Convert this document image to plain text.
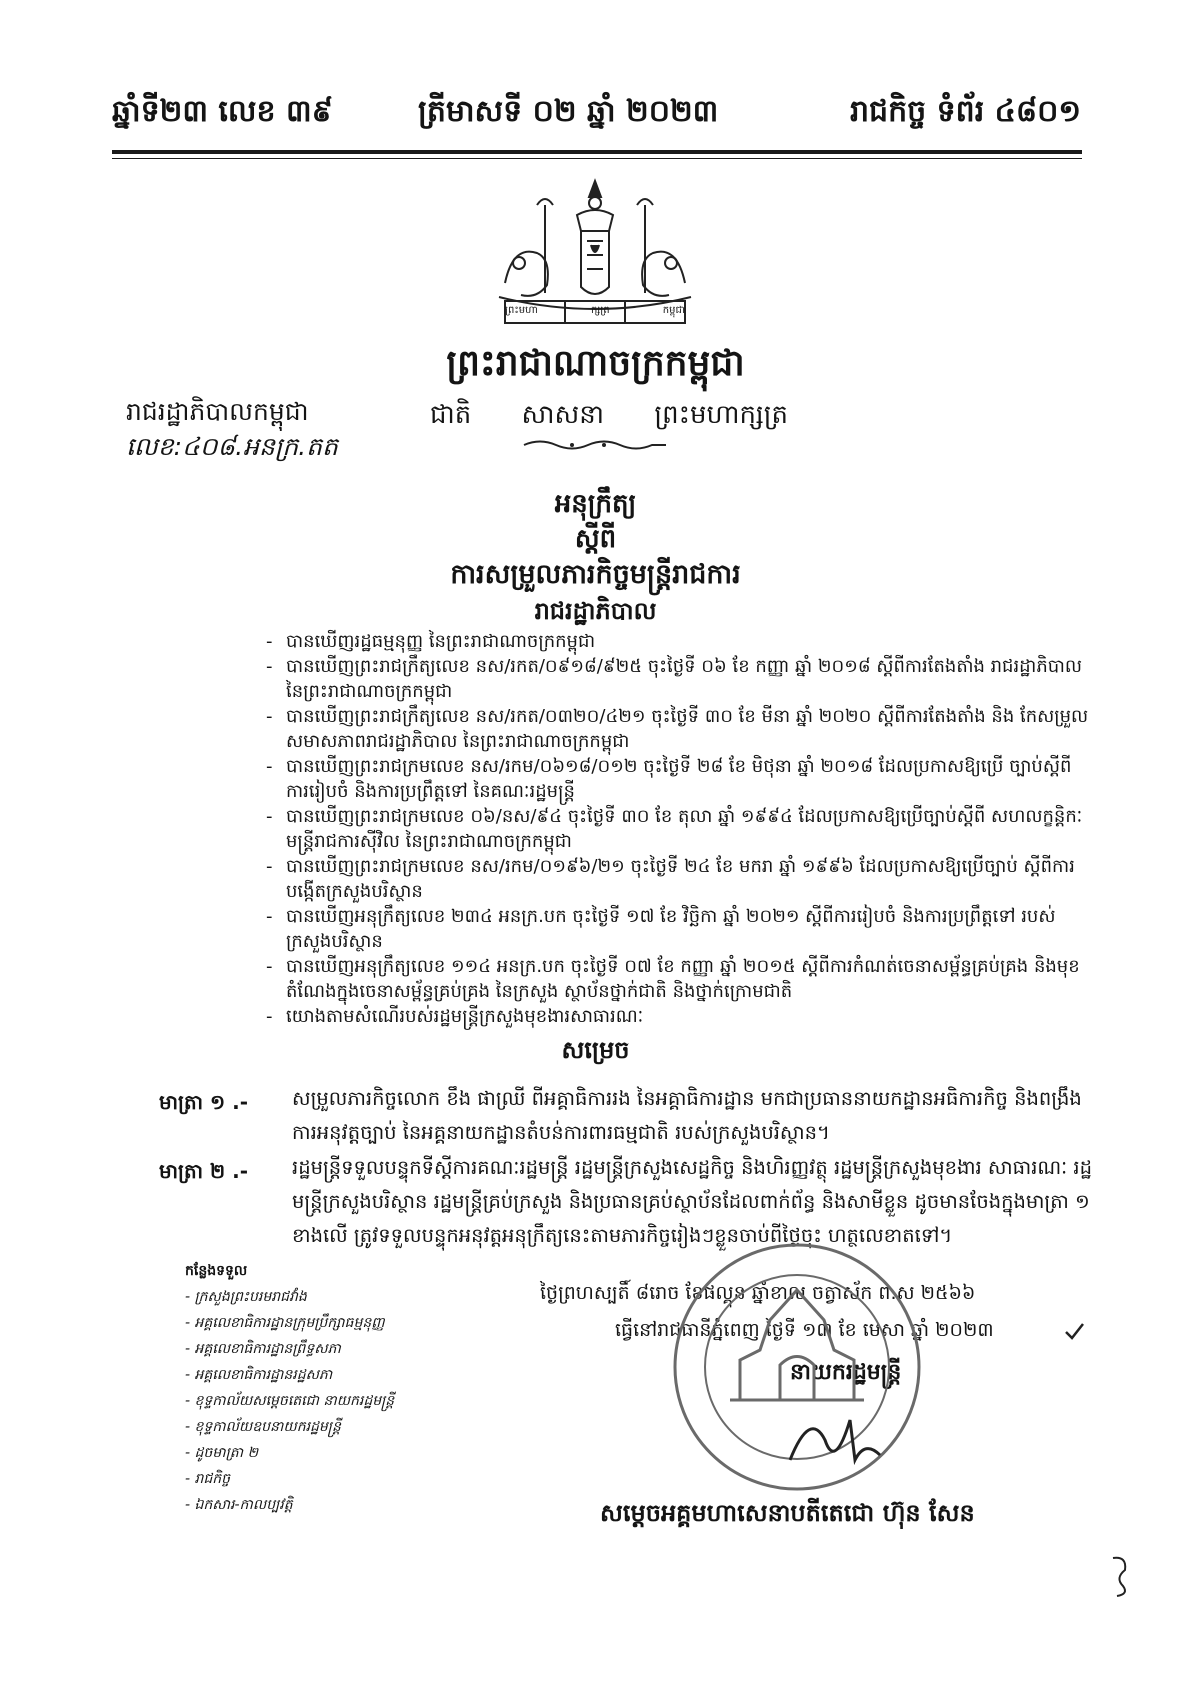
ឆ្នាំទី២៣ លេខ ៣៩	ត្រីមាសទី ០២ ឆ្នាំ ២០២៣	រាជកិច្ច ទំព័រ ៤៨០១
ព្រះមហា	ក្សត្រ	កម្ពុជា
ព្រះរាជាណាចក្រកម្ពុជា
ជាតិ សាសនា ព្រះមហាក្សត្រ
រាជរដ្ឋាភិបាលកម្ពុជា
លេខ:៤០៨.អនក្រ.តត
អនុក្រឹត្យ
ស្តីពី
ការសម្រួលភារកិច្ចមន្ត្រីរាជការ
រាជរដ្ឋាភិបាល
- បានឃើញរដ្ឋធម្មនុញ្ញ នៃព្រះរាជាណាចក្រកម្ពុជា
- បានឃើញព្រះរាជក្រឹត្យលេខ នស/រកត/០៩១៨/៩២៥ ចុះថ្ងៃទី ០៦ ខែ កញ្ញា ឆ្នាំ ២០១៨ ស្តីពីការតែងតាំង រាជរដ្ឋាភិបាល នៃព្រះរាជាណាចក្រកម្ពុជា
- បានឃើញព្រះរាជក្រឹត្យលេខ នស/រកត/០៣២០/៤២១ ចុះថ្ងៃទី ៣០ ខែ មីនា ឆ្នាំ ២០២០ ស្តីពីការតែងតាំង និង កែសម្រួលសមាសភាពរាជរដ្ឋាភិបាល នៃព្រះរាជាណាចក្រកម្ពុជា
- បានឃើញព្រះរាជក្រមលេខ នស/រកម/០៦១៨/០១២ ចុះថ្ងៃទី ២៨ ខែ មិថុនា ឆ្នាំ ២០១៨ ដែលប្រកាសឱ្យប្រើ ច្បាប់ស្តីពីការរៀបចំ និងការប្រព្រឹត្តទៅ នៃគណៈរដ្ឋមន្ត្រី
- បានឃើញព្រះរាជក្រមលេខ ០៦/នស/៩៤ ចុះថ្ងៃទី ៣០ ខែ តុលា ឆ្នាំ ១៩៩៤ ដែលប្រកាសឱ្យប្រើច្បាប់ស្តីពី សហលក្ខន្តិកៈមន្ត្រីរាជការស៊ីវិល នៃព្រះរាជាណាចក្រកម្ពុជា
- បានឃើញព្រះរាជក្រមលេខ នស/រកម/០១៩៦/២១ ចុះថ្ងៃទី ២៤ ខែ មករា ឆ្នាំ ១៩៩៦ ដែលប្រកាសឱ្យប្រើច្បាប់ ស្តីពីការបង្កើតក្រសួងបរិស្ថាន
- បានឃើញអនុក្រឹត្យលេខ ២៣៤ អនក្រ.បក ចុះថ្ងៃទី ១៧ ខែ វិច្ឆិកា ឆ្នាំ ២០២១ ស្តីពីការរៀបចំ និងការប្រព្រឹត្តទៅ របស់ក្រសួងបរិស្ថាន
- បានឃើញអនុក្រឹត្យលេខ ១១៤ អនក្រ.បក ចុះថ្ងៃទី ០៧ ខែ កញ្ញា ឆ្នាំ ២០១៥ ស្តីពីការកំណត់ចេនាសម្ព័ន្ធគ្រប់គ្រង និងមុខតំណែងក្នុងចេនាសម្ព័ន្ធគ្រប់គ្រង នៃក្រសួង ស្ថាប័នថ្នាក់ជាតិ និងថ្នាក់ក្រោមជាតិ
- យោងតាមសំណើរបស់រដ្ឋមន្ត្រីក្រសួងមុខងារសាធារណៈ
សម្រេច
មាត្រា ១ .- សម្រួលភារកិច្ចលោក ខឹង ផាឈ្រី ពីអគ្គាធិការរង នៃអគ្គាធិការដ្ឋាន មកជាប្រធាននាយកដ្ឋានអធិការកិច្ច និងពង្រឹងការអនុវត្តច្បាប់ នៃអគ្គនាយកដ្ឋានតំបន់ការពារធម្មជាតិ របស់ក្រសួងបរិស្ថាន។
មាត្រា ២ .- រដ្ឋមន្ត្រីទទួលបន្ទុកទីស្តីការគណៈរដ្ឋមន្ត្រី រដ្ឋមន្ត្រីក្រសួងសេដ្ឋកិច្ច និងហិរញ្ញវត្ថុ រដ្ឋមន្ត្រីក្រសួងមុខងារ សាធារណៈ រដ្ឋមន្ត្រីក្រសួងបរិស្ថាន រដ្ឋមន្ត្រីគ្រប់ក្រសួង និងប្រធានគ្រប់ស្ថាប័នដែលពាក់ព័ន្ធ និងសាមីខ្លួន ដូចមានចែងក្នុងមាត្រា ១ ខាងលើ ត្រូវទទួលបន្ទុកអនុវត្តអនុក្រឹត្យនេះតាមភារកិច្ចរៀងៗខ្លួនចាប់ពីថ្ងៃចុះ ហត្ថលេខាតទៅ។
ថ្ងៃព្រហស្បតិ៍ ៨រោច ខែផល្គុន ឆ្នាំខាល ចត្វាស័ក ព.ស ២៥៦៦
ធ្វើនៅរាជធានីភ្នំពេញ ថ្ងៃទី ១៣ ខែ មេសា ឆ្នាំ ២០២៣
នាយករដ្ឋមន្ត្រី
សម្តេចអគ្គមហាសេនាបតីតេជោ ហ៊ុន សែន
កន្លែងទទួល
- ក្រសួងព្រះបរមរាជវាំង
- អគ្គលេខាធិការដ្ឋានក្រុមប្រឹក្សាធម្មនុញ្ញ
- អគ្គលេខាធិការដ្ឋានព្រឹទ្ធសភា
- អគ្គលេខាធិការដ្ឋានរដ្ឋសភា
- ខុទ្ទកាល័យសម្តេចតេជោ នាយករដ្ឋមន្ត្រី
- ខុទ្ទកាល័យឧបនាយករដ្ឋមន្ត្រី
- ដូចមាត្រា ២
- រាជកិច្ច
- ឯកសារ-កាលប្បវត្តិ
